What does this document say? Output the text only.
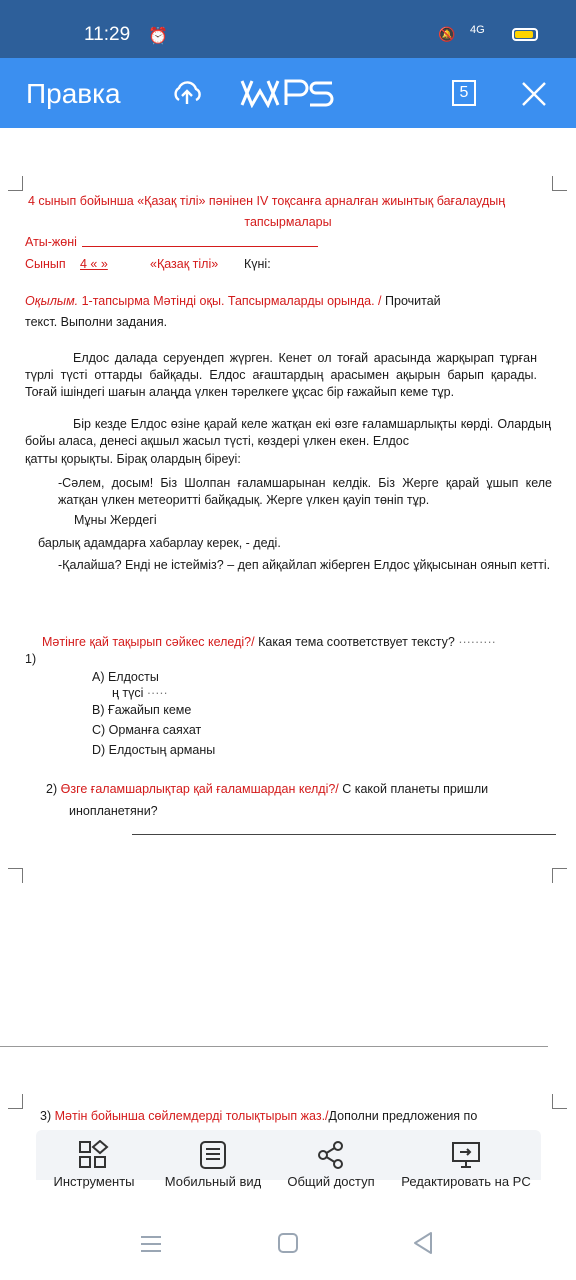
11:29 ⏰	🔕 4G
Правка	5
4 сынып бойынша «Қазақ тілі» пәнінен IV тоқсанға арналған жиынтық бағалаудың
тапсырмалары
Аты-жөні
Сынып 4 « »	«Қазақ тілі» Күні:
Оқылым. 1-тапсырма Мәтінді оқы. Тапсырмаларды орында. / Прочитай
текст. Выполни задания.
Елдос далада серуендеп жүрген. Кенет ол тоғай арасында жарқырап тұрған түрлі түсті оттарды байқады. Елдос ағаштардың арасымен ақырын барып қарады. Тоғай ішіндегі шағын алаңда үлкен тәрелкеге ұқсас бір ғажайып кеме тұр.
Бір кезде Елдос өзіне қарай келе жатқан екі өзге ғаламшарлықты көрді. Олардың бойы аласа, денесі ақшыл жасыл түсті, көздері үлкен екен. Елдос
қатты қорықты. Бірақ олардың біреуі:
-Сәлем, досым! Біз Шолпан ғаламшарынан келдік. Біз Жерге қарай ұшып келе жатқан үлкен метеоритті байқадық. Жерге үлкен қауіп төніп тұр.
Мұны Жердегі
барлық адамдарға хабарлау керек, - деді.
-Қалайша? Енді не істейміз? – деп айқайлап жіберген Елдос ұйқысынан оянып кетті.
Мәтінге қай тақырып сәйкес келеді?/ Какая тема соответствует тексту? ·········
1)
A) Елдосты
ң түсі ·····
B) Ғажайып кеме
C) Орманға саяхат
D) Елдостың арманы
2) Өзге ғаламшарлықтар қай ғаламшардан келді?/ С какой планеты пришли
инопланетяни?
3) Мәтін бойынша сөйлемдерді толықтырып жаз./Дополни предложения по
Инструменты	Мобильный вид	Общий доступ	Редактировать на PC
